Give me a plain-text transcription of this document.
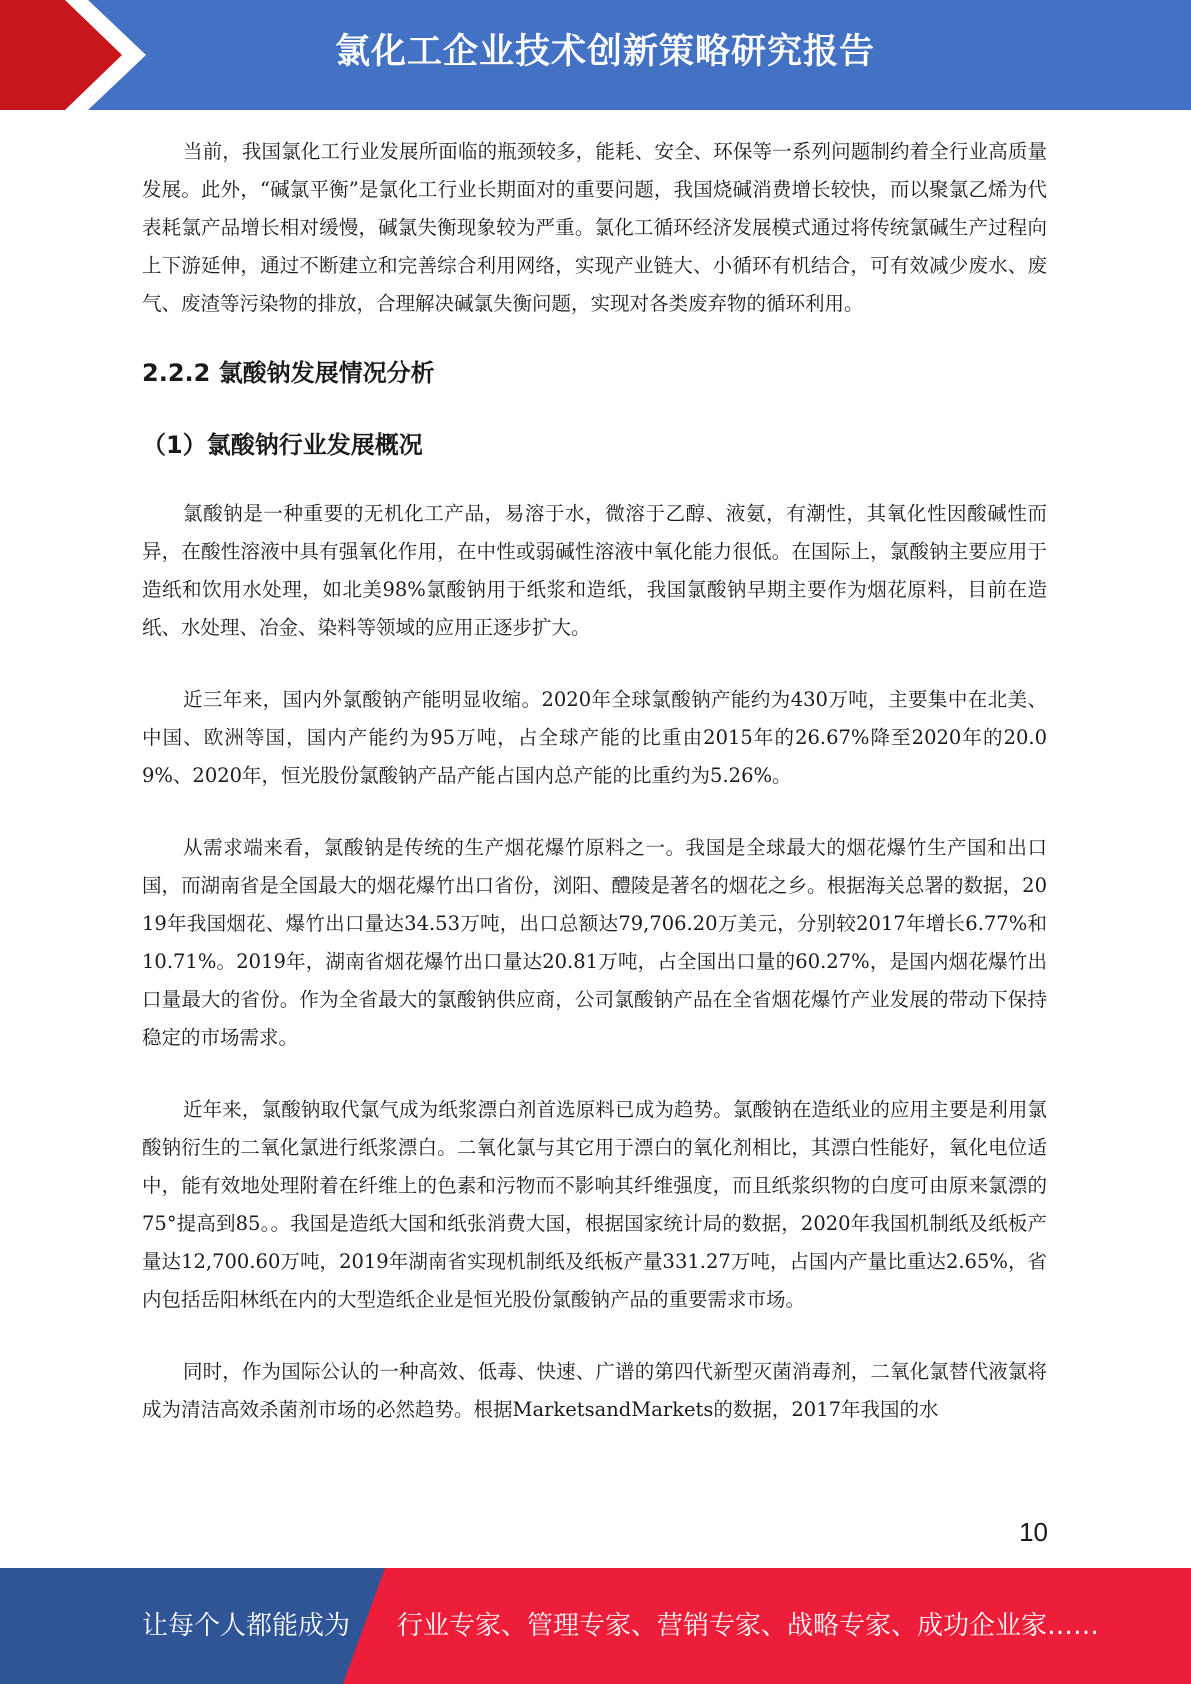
氯化工企业技术创新策略研究报告

当前，我国氯化工行业发展所面临的瓶颈较多，能耗、安全、环保等一系列问题制约着全行业高质量发展。此外，“碱氯平衡”是氯化工行业长期面对的重要问题，我国烧碱消费增长较快，而以聚氯乙烯为代表耗氯产品增长相对缓慢，碱氯失衡现象较为严重。氯化工循环经济发展模式通过将传统氯碱生产过程向上下游延伸，通过不断建立和完善综合利用网络，实现产业链大、小循环有机结合，可有效减少废水、废气、废渣等污染物的排放，合理解决碱氯失衡问题，实现对各类废弃物的循环利用。

2.2.2 氯酸钠发展情况分析
（1）氯酸钠行业发展概况

氯酸钠是一种重要的无机化工产品，易溶于水，微溶于乙醇、液氨，有潮性，其氧化性因酸碱性而异，在酸性溶液中具有强氧化作用，在中性或弱碱性溶液中氧化能力很低。在国际上，氯酸钠主要应用于造纸和饮用水处理，如北美98%氯酸钠用于纸浆和造纸，我国氯酸钠早期主要作为烟花原料，目前在造纸、水处理、冶金、染料等领域的应用正逐步扩大。

近三年来，国内外氯酸钠产能明显收缩。2020年全球氯酸钠产能约为430万吨，主要集中在北美、中国、欧洲等国，国内产能约为95万吨，占全球产能的比重由2015年的26.67%降至2020年的20.09%、2020年，恒光股份氯酸钠产品产能占国内总产能的比重约为5.26%。

从需求端来看，氯酸钠是传统的生产烟花爆竹原料之一。我国是全球最大的烟花爆竹生产国和出口国，而湖南省是全国最大的烟花爆竹出口省份，浏阳、醴陵是著名的烟花之乡。根据海关总署的数据，2019年我国烟花、爆竹出口量达34.53万吨，出口总额达79,706.20万美元，分别较2017年增长6.77%和10.71%。2019年，湖南省烟花爆竹出口量达20.81万吨，占全国出口量的60.27%，是国内烟花爆竹出口量最大的省份。作为全省最大的氯酸钠供应商，公司氯酸钠产品在全省烟花爆竹产业发展的带动下保持稳定的市场需求。

近年来，氯酸钠取代氯气成为纸浆漂白剂首选原料已成为趋势。氯酸钠在造纸业的应用主要是利用氯酸钠衍生的二氧化氯进行纸浆漂白。二氧化氯与其它用于漂白的氧化剂相比，其漂白性能好，氧化电位适中，能有效地处理附着在纤维上的色素和污物而不影响其纤维强度，而且纸浆织物的白度可由原来氯漂的75°提高到85。。我国是造纸大国和纸张消费大国，根据国家统计局的数据，2020年我国机制纸及纸板产量达12,700.60万吨，2019年湖南省实现机制纸及纸板产量331.27万吨，占国内产量比重达2.65%，省内包括岳阳林纸在内的大型造纸企业是恒光股份氯酸钠产品的重要需求市场。

同时，作为国际公认的一种高效、低毒、快速、广谱的第四代新型灭菌消毒剂，二氧化氯替代液氯将成为清洁高效杀菌剂市场的必然趋势。根据MarketsandMarkets的数据，2017年我国的水

10
让每个人都能成为 行业专家、管理专家、营销专家、战略专家、成功企业家……
